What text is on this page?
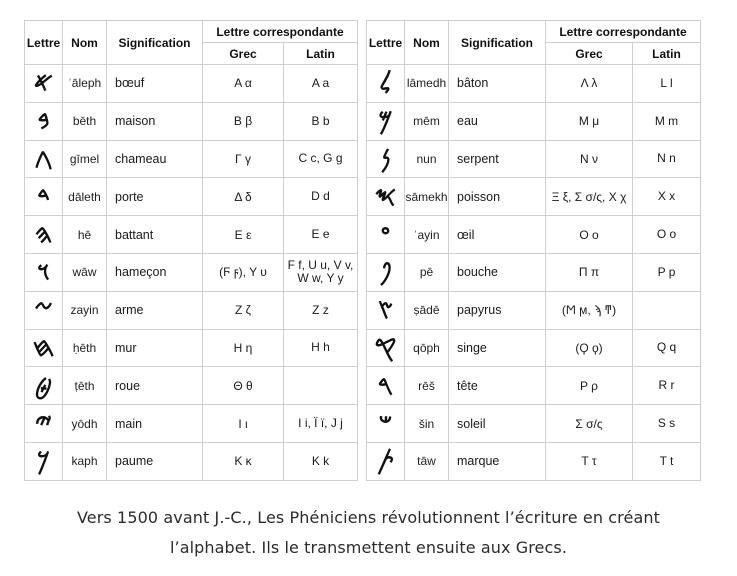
Lettre	Nom	Signification	Lettre correspondante	
			Grec	Latin
𐤀	ʾāleph	bœuf	Α α	A a
𐤁	bēth	maison	Β β	B b
𐤂	gīmel	chameau	Γ γ	C c, G g
𐤃	dāleth	porte	Δ δ	D d
𐤄	hē	battant	Ε ε	E e
𐤅	wāw	hameçon	(Ϝ ϝ), Υ υ	F f, U u, V v, W w, Y y
𐤆	zayin	arme	Ζ ζ	Z z
𐤇	ḥēth	mur	Η η	H h
𐤈	ṭēth	roue	Θ θ	
𐤉	yōdh	main	Ι ι	I i, Ï ï, J j
𐤊	kaph	paume	Κ κ	K k
Lettre	Nom	Signification	Lettre correspondante	
			Grec	Latin
𐤋	lāmedh	bâton	Λ λ	L l
𐤌	mēm	eau	Μ μ	M m
𐤍	nun	serpent	Ν ν	N n
𐤎	sāmekh	poisson	Ξ ξ, Σ σ/ς, Χ χ	X x
𐤏	ʿayin	œil	Ο ο	O o
𐤐	pē	bouche	Π π	P p
𐤑	ṣādē	papyrus	(Ϻ ϻ, ϡ ͳ)	
𐤒	qōph	singe	(Ϙ ϙ)	Q q
𐤓	rēš	tête	Ρ ρ	R r
𐤔	šin	soleil	Σ σ/ς	S s
𐤕	tāw	marque	Τ τ	T t
Vers 1500 avant J.-C., Les Phéniciens révolutionnent l’écriture en créant
l’alphabet. Ils le transmettent ensuite aux Grecs.
